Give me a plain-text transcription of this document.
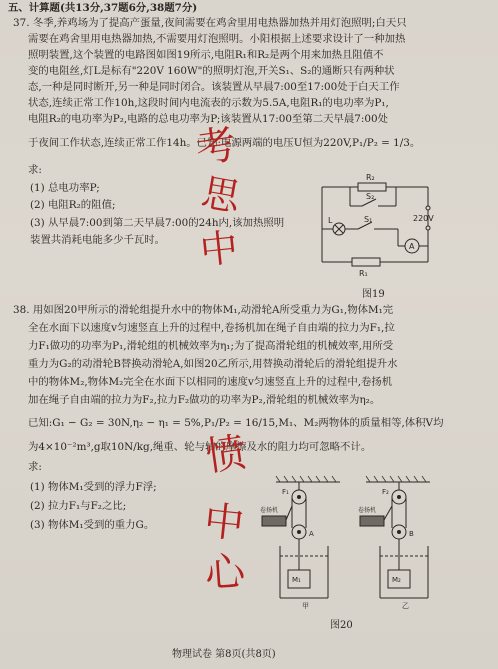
五、计算题(共13分,37题6分,38题7分)
37. 冬季,养鸡场为了提高产蛋量,夜间需要在鸡舍里用电热器加热并用灯泡照明;白天只
需要在鸡舍里用电热器加热,不需要用灯泡照明。小阳根据上述要求设计了一种加热
照明装置,这个装置的电路图如图19所示,电阻R₁和R₂是两个用来加热且阻值不
变的电阻丝,灯L是标有"220V 160W"的照明灯泡,开关S₁、S₂的通断只有两种状
态,一种是同时断开,另一种是同时闭合。该装置从早晨7:00至17:00处于白天工作
状态,连续正常工作10h,这段时间内电流表的示数为5.5A,电阻R₁的电功率为P₁,
电阻R₂的电功率为P₂,电路的总电功率为P;该装置从17:00至第二天早晨7:00处
于夜间工作状态,连续正常工作14h。已知:电源两端的电压U恒为220V,P₁/P₂ = 1/3。
求:
(1) 总电功率P;
(2) 电阻R₂的阻值;
(3) 从早晨7:00到第二天早晨7:00的24h内,该加热照明
装置共消耗电能多少千瓦时。
R₂
S₂
L	S₁
A
R₁
220V
图19
考
思
中
38. 用如图20甲所示的滑轮组提升水中的物体M₁,动滑轮A所受重力为G₁,物体M₁完
全在水面下以速度v匀速竖直上升的过程中,卷扬机加在绳子自由端的拉力为F₁,拉
力F₁做功的功率为P₁,滑轮组的机械效率为η₁;为了提高滑轮组的机械效率,用所受
重力为G₂的动滑轮B替换动滑轮A,如图20乙所示,用替换动滑轮后的滑轮组提升水
中的物体M₂,物体M₂完全在水面下以相同的速度v匀速竖直上升的过程中,卷扬机
加在绳子自由端的拉力为F₂,拉力F₂做功的功率为P₂,滑轮组的机械效率为η₂。
已知:G₁ − G₂ = 30N,η₂ − η₁ = 5%,P₁/P₂ = 16/15,M₁、M₂两物体的质量相等,体积V均
为4×10⁻²m³,g取10N/kg,绳重、轮与轴的摩擦及水的阻力均可忽略不计。
求:
(1) 物体M₁受到的浮力F浮;
(2) 拉力F₁与F₂之比;
(3) 物体M₁受到的重力G。
愤
中
心
卷扬机
F₁
A
M₁
甲
卷扬机
F₂
B
M₂
乙
图20
物理试卷 第8页(共8页)
